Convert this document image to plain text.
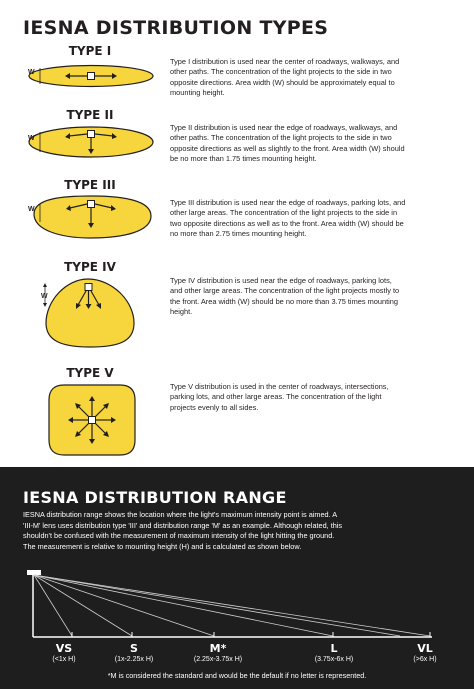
IESNA DISTRIBUTION TYPES
TYPE I
W
Type I distribution is used near the center of roadways, walkways, and other paths. The concentration of the light projects to the side in two opposite directions. Area width (W) should be approximately equal to mounting height.
TYPE II
W
Type II distribution is used near the edge of roadways, walkways, and other paths. The concentration of the light projects to the side in two opposite directions as well as slightly to the front. Area width (W) should be no more than 1.75 times mounting height.
TYPE III
W
Type III distribution is used near the edge of roadways, parking lots, and other large areas. The concentration of the light projects to the side in two opposite directions as well as to the front. Area width (W) should be no more than 2.75 times mounting height.
TYPE IV
W
Type IV distribution is used near the edge of roadways, parking lots, and other large areas. The concentration of the light projects mostly to the front. Area width (W) should be no more than 3.75 times mounting height.
TYPE V
Type V distribution is used in the center of roadways, intersections, parking lots, and other large areas. The concentration of the light projects evenly to all sides.
IESNA DISTRIBUTION RANGE
IESNA distribution range shows the location where the light's maximum intensity point is aimed. A 'III-M' lens uses distribution type 'III' and distribution range 'M' as an example. Although related, this shouldn't be confused with the measurement of maximum intensity of the light hitting the ground. The measurement is relative to mounting height (H) and is calculated as shown below.
VS
(<1x H)
S
(1x-2.25x H)
M*
(2.25x-3.75x H)
L
(3.75x-6x H)
VL
(>6x H)
*M is considered the standard and would be the default if no letter is represented.
